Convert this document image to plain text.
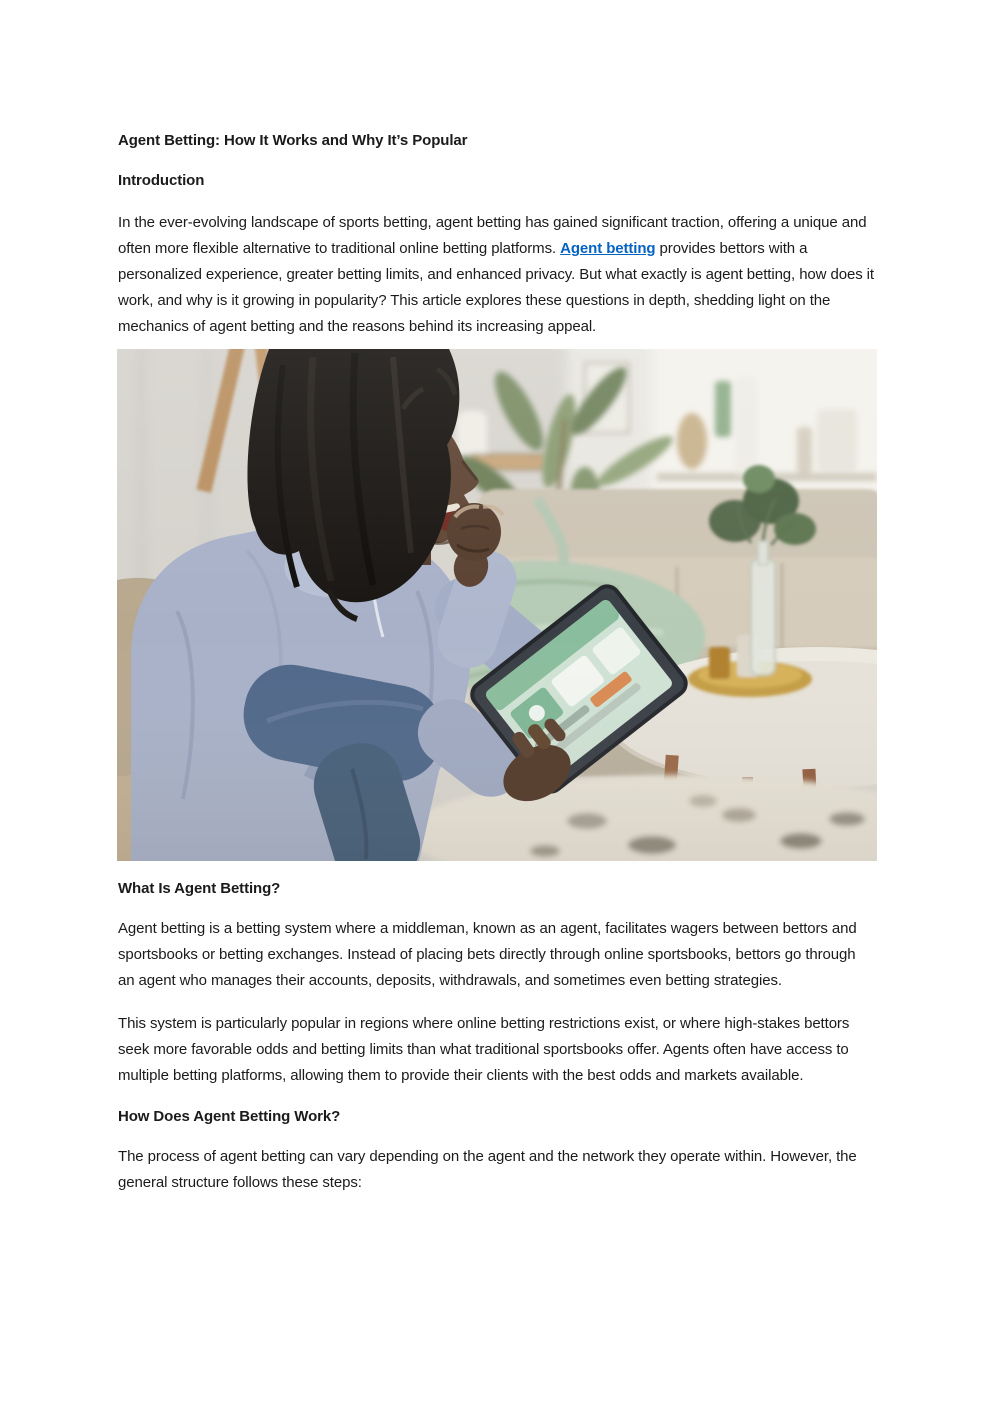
Agent Betting: How It Works and Why It’s Popular
Introduction

In the ever-evolving landscape of sports betting, agent betting has gained significant traction, offering a unique and often more flexible alternative to traditional online betting platforms. Agent betting provides bettors with a personalized experience, greater betting limits, and enhanced privacy. But what exactly is agent betting, how does it work, and why is it growing in popularity? This article explores these questions in depth, shedding light on the mechanics of agent betting and the reasons behind its increasing appeal.

What Is Agent Betting?

Agent betting is a betting system where a middleman, known as an agent, facilitates wagers between bettors and sportsbooks or betting exchanges. Instead of placing bets directly through online sportsbooks, bettors go through an agent who manages their accounts, deposits, withdrawals, and sometimes even betting strategies.

This system is particularly popular in regions where online betting restrictions exist, or where high-stakes bettors seek more favorable odds and betting limits than what traditional sportsbooks offer. Agents often have access to multiple betting platforms, allowing them to provide their clients with the best odds and markets available.

How Does Agent Betting Work?

The process of agent betting can vary depending on the agent and the network they operate within. However, the general structure follows these steps:
